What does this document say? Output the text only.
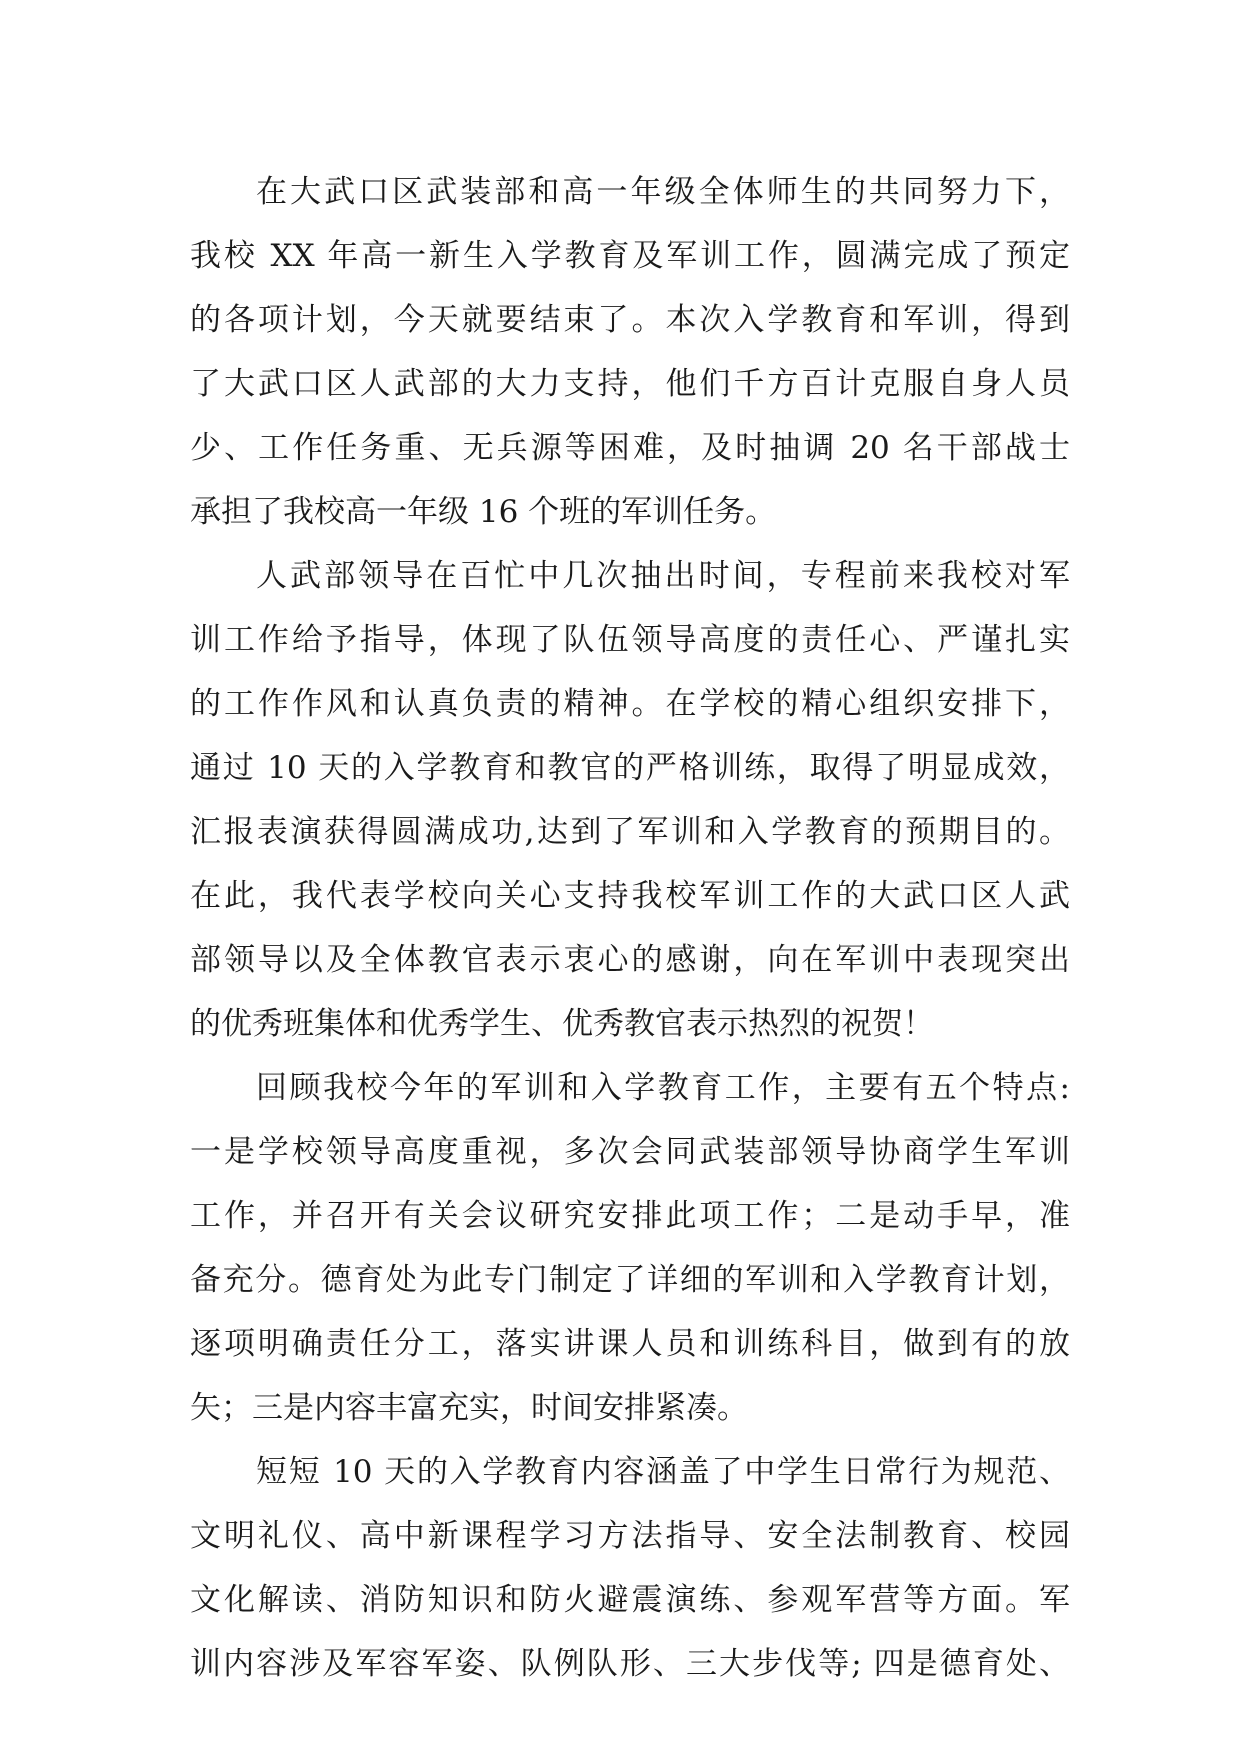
在大武口区武装部和高一年级全体师生的共同努力下，
我校 XX 年高一新生入学教育及军训工作，圆满完成了预定
的各项计划，今天就要结束了。本次入学教育和军训，得到
了大武口区人武部的大力支持，他们千方百计克服自身人员
少、工作任务重、无兵源等困难，及时抽调 20 名干部战士
承担了我校高一年级 16 个班的军训任务。
人武部领导在百忙中几次抽出时间，专程前来我校对军
训工作给予指导，体现了队伍领导高度的责任心、严谨扎实
的工作作风和认真负责的精神。在学校的精心组织安排下，
通过 10 天的入学教育和教官的严格训练，取得了明显成效，
汇报表演获得圆满成功,达到了军训和入学教育的预期目的。
在此，我代表学校向关心支持我校军训工作的大武口区人武
部领导以及全体教官表示衷心的感谢，向在军训中表现突出
的优秀班集体和优秀学生、优秀教官表示热烈的祝贺！
回顾我校今年的军训和入学教育工作，主要有五个特点:
一是学校领导高度重视，多次会同武装部领导协商学生军训
工作，并召开有关会议研究安排此项工作；二是动手早，准
备充分。德育处为此专门制定了详细的军训和入学教育计划，
逐项明确责任分工，落实讲课人员和训练科目，做到有的放
矢；三是内容丰富充实，时间安排紧凑。
短短 10 天的入学教育内容涵盖了中学生日常行为规范、
文明礼仪、高中新课程学习方法指导、安全法制教育、校园
文化解读、消防知识和防火避震演练、参观军营等方面。军
训内容涉及军容军姿、队例队形、三大步伐等; 四是德育处、
